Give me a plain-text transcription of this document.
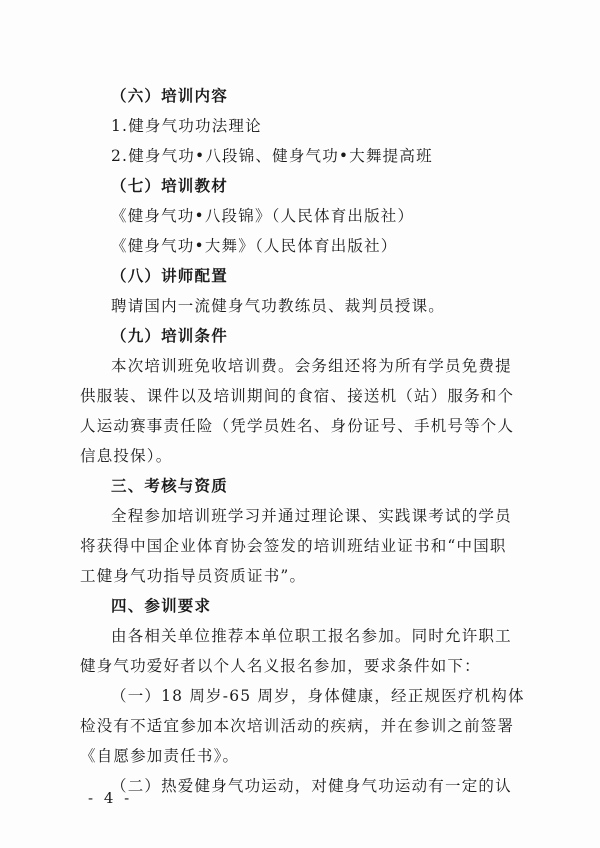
（六）培训内容
1.健身气功功法理论
2.健身气功•八段锦、健身气功•大舞提高班
（七）培训教材
《健身气功•八段锦》（人民体育出版社）
《健身气功•大舞》（人民体育出版社）
（八）讲师配置
聘请国内一流健身气功教练员、裁判员授课。
（九）培训条件
本次培训班免收培训费。会务组还将为所有学员免费提
供服装、课件以及培训期间的食宿、接送机（站）服务和个
人运动赛事责任险（凭学员姓名、身份证号、手机号等个人
信息投保）。
三、考核与资质
全程参加培训班学习并通过理论课、实践课考试的学员
将获得中国企业体育协会签发的培训班结业证书和“中国职
工健身气功指导员资质证书”。
四、参训要求
由各相关单位推荐本单位职工报名参加。同时允许职工
健身气功爱好者以个人名义报名参加，要求条件如下：
（一）18 周岁-65 周岁，身体健康，经正规医疗机构体
检没有不适宜参加本次培训活动的疾病，并在参训之前签署
《自愿参加责任书》。
（二）热爱健身气功运动，对健身气功运动有一定的认
- 4 -
